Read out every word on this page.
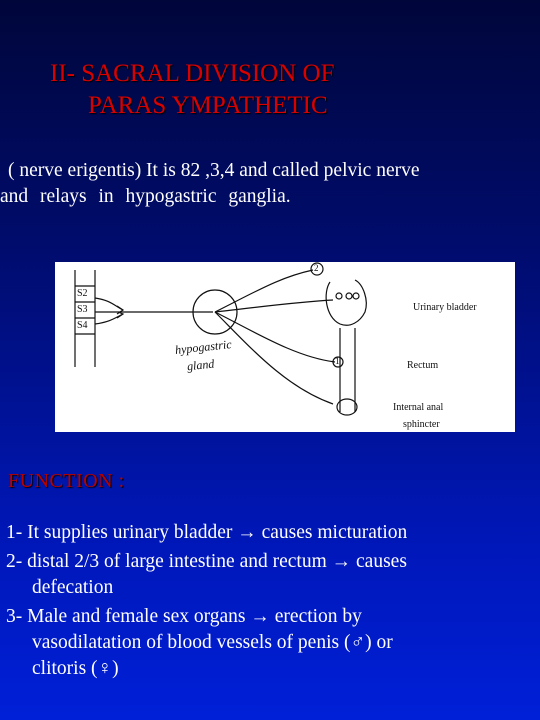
II- SACRAL DIVISION OF
PARAS YMPATHETIC
( nerve erigentis) It is 82 ,3,4 and called pelvic nerve
and relays in hypogastric ganglia.
S2
S3
S4
2
1
hypogastric
gland
Urinary bladder
Rectum
Internal anal
sphincter
FUNCTION :
1- It supplies urinary bladder → causes micturation
2- distal 2/3 of large intestine and rectum → causes
defecation
3- Male and female sex organs → erection by
vasodilatation of blood vessels of penis (♂) or
clitoris (♀)
